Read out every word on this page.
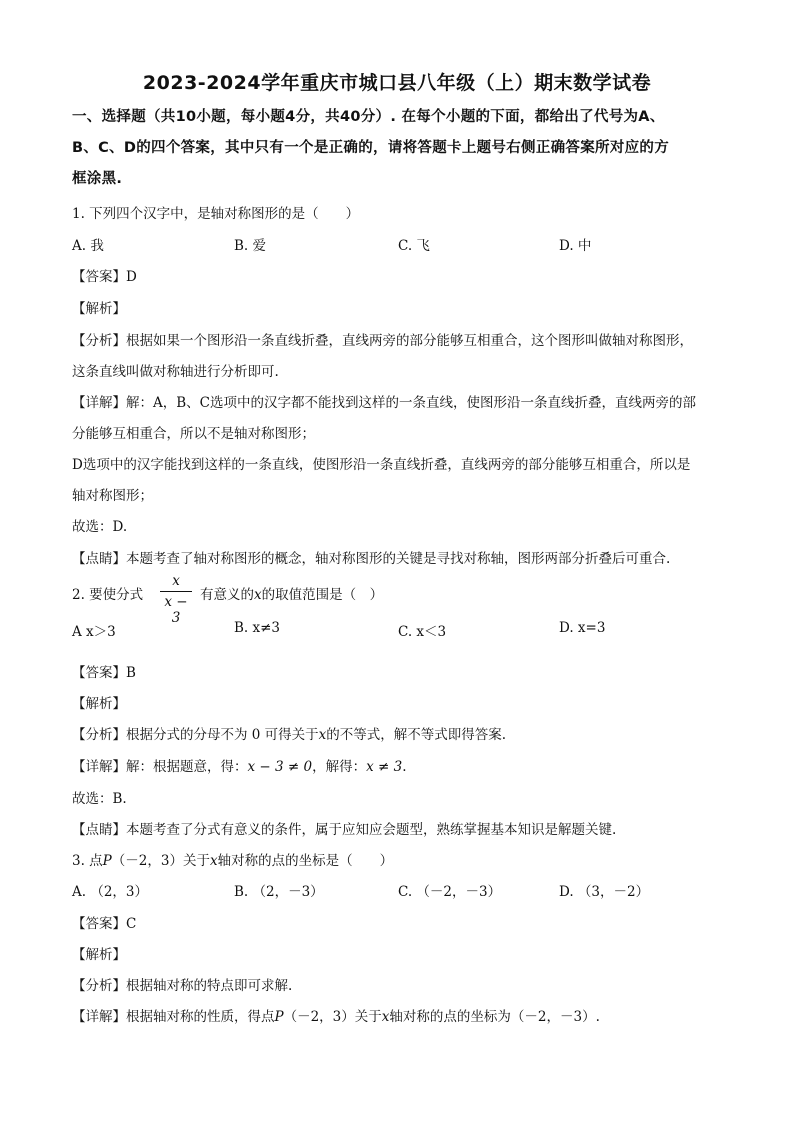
2023-2024学年重庆市城口县八年级（上）期末数学试卷
一、选择题（共10小题，每小题4分，共40分）. 在每个小题的下面，都给出了代号为A、
B、C、D的四个答案，其中只有一个是正确的，请将答题卡上题号右侧正确答案所对应的方
框涂黑.
1. 下列四个汉字中，是轴对称图形的是（　　）
A. 我	B. 爱	C. 飞	D. 中
【答案】D
【解析】
【分析】根据如果一个图形沿一条直线折叠，直线两旁的部分能够互相重合，这个图形叫做轴对称图形，
这条直线叫做对称轴进行分析即可.
【详解】解：A，B、C选项中的汉字都不能找到这样的一条直线，使图形沿一条直线折叠，直线两旁的部
分能够互相重合，所以不是轴对称图形；
D选项中的汉字能找到这样的一条直线，使图形沿一条直线折叠，直线两旁的部分能够互相重合，所以是
轴对称图形；
故选：D.
【点睛】本题考查了轴对称图形的概念，轴对称图形的关键是寻找对称轴，图形两部分折叠后可重合.
2. 要使分式
x
x − 3
有意义的x的取值范围是（　）
A x＞3	B. x≠3	C. x＜3	D. x=3
【答案】B
【解析】
【分析】根据分式的分母不为 0 可得关于x的不等式，解不等式即得答案.
【详解】解：根据题意，得：x − 3 ≠ 0，解得：x ≠ 3.
故选：B.
【点睛】本题考查了分式有意义的条件，属于应知应会题型，熟练掌握基本知识是解题关键.
3. 点P（－2，3）关于x轴对称的点的坐标是（　　）
A. （2，3）	B. （2，－3）	C. （－2，－3）	D. （3，－2）
【答案】C
【解析】
【分析】根据轴对称的特点即可求解.
【详解】根据轴对称的性质，得点P（－2，3）关于x轴对称的点的坐标为（－2，－3）.
